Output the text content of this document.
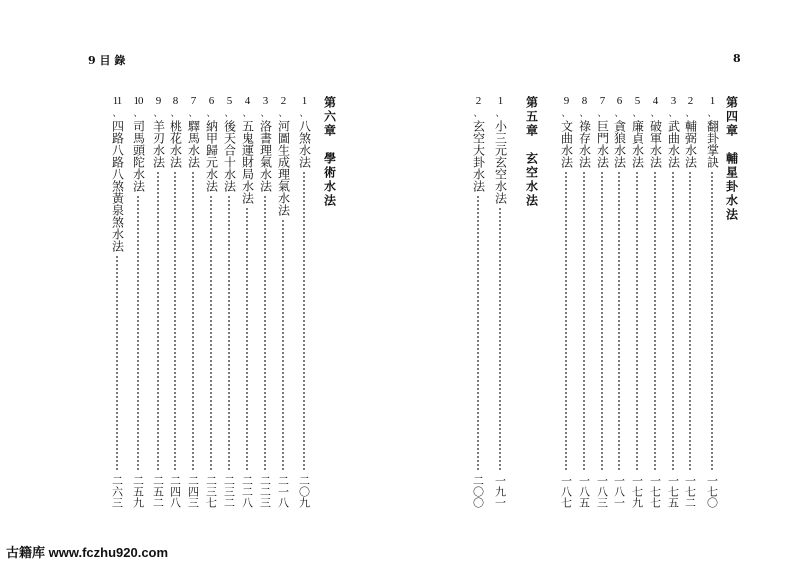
9 目 錄	8
第四章　輔星卦水法
1
、
翻卦掌訣
一七〇
2
、
輔弼水法
一七二
3
、
武曲水法
一七五
4
、
破軍水法
一七七
5
、
廉貞水法
一七九
6
、
貪狼水法
一八一
7
、
巨門水法
一八三
8
、
祿存水法
一八五
9
、
文曲水法
一八七
第五章　玄空水法
1
、
小三元玄空水法
一九一
2
、
玄空大卦水法
二〇〇
第六章　學術水法
1
、
八煞水法
二〇九
2
、
河圖生成理氣水法
二一八
3
、
洛書理氣水法
二二三
4
、
五鬼運財局水法
二二八
5
、
後天合十水法
二三二
6
、
納甲歸元水法
二三七
7
、
驛馬水法
二四三
8
、
桃花水法
二四八
9
、
羊刃水法
二五二
10
、
司馬頭陀水法
二五九
11
、
四路八路八煞黃泉煞水法
二六三
古籍库 www.fczhu920.com
